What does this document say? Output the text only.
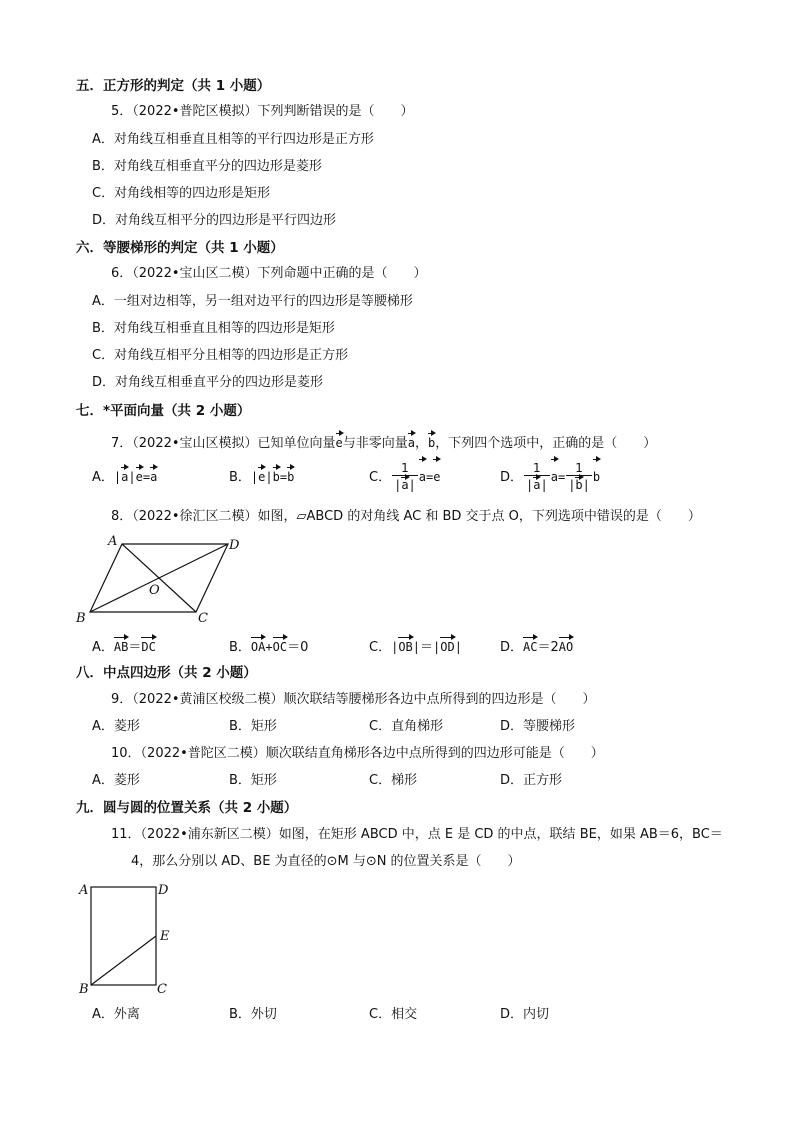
五．正方形的判定（共 1 小题）
5．（2022•普陀区模拟）下列判断错误的是（　　）
A．对角线互相垂直且相等的平行四边形是正方形
B．对角线互相垂直平分的四边形是菱形
C．对角线相等的四边形是矩形
D．对角线互相平分的四边形是平行四边形
六．等腰梯形的判定（共 1 小题）
6．（2022•宝山区二模）下列命题中正确的是（　　）
A．一组对边相等，另一组对边平行的四边形是等腰梯形
B．对角线互相垂直且相等的四边形是矩形
C．对角线互相平分且相等的四边形是正方形
D．对角线互相垂直平分的四边形是菱形
七．*平面向量（共 2 小题）
7．（2022•宝山区模拟）已知单位向量e与非零向量a，b，下列四个选项中，正确的是（　　）
A．|a|e=a	B．|e|b=b	C． $\frac{1}{|a|} a=e$	D． $\frac{1}{|a|} a= \frac{1}{|b|}$ b
8．（2022•徐汇区二模）如图，▱ABCD 的对角线 AC 和 BD 交于点 O，下列选项中错误的是（　　）
A	D
B	C
O
A．AB＝DC	B．OA+OC＝0	C．|OB|＝|OD|	D．AC＝2AO
八．中点四边形（共 2 小题）
9．（2022•黄浦区校级二模）顺次联结等腰梯形各边中点所得到的四边形是（　　）
A．菱形	B．矩形	C．直角梯形	D．等腰梯形
10．（2022•普陀区二模）顺次联结直角梯形各边中点所得到的四边形可能是（　　）
A．菱形	B．矩形	C．梯形	D．正方形
九．圆与圆的位置关系（共 2 小题）
11．（2022•浦东新区二模）如图，在矩形 ABCD 中，点 E 是 CD 的中点，联结 BE，如果 AB＝6，BC＝
4，那么分别以 AD、BE 为直径的⊙M 与⊙N 的位置关系是（　　）
A	D
E
B	C
A．外离	B．外切	C．相交	D．内切
